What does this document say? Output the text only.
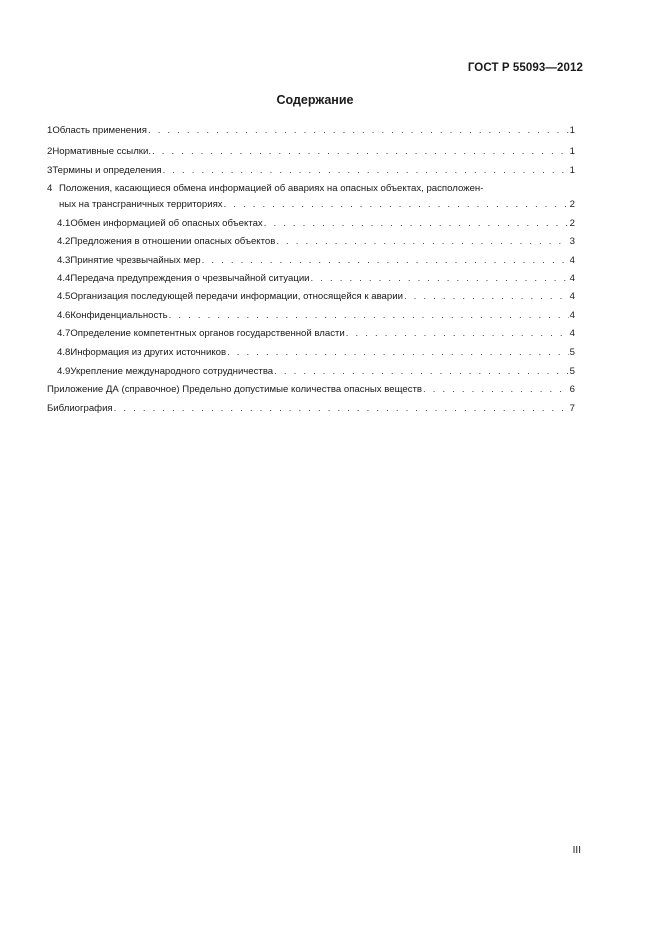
ГОСТ Р 55093—2012
Содержание
1 Область применения . . .	1
2 Нормативные ссылки. . . .	1
3 Термины и определения . . .	1
4 Положения, касающиеся обмена информацией об авариях на опасных объектах, расположен-
ных на трансграничных территориях . . .	2
4.1 Обмен информацией об опасных объектах . . .	2
4.2 Предложения в отношении опасных объектов . . .	3
4.3 Принятие чрезвычайных мер . . .	4
4.4 Передача предупреждения о чрезвычайной ситуации . . .	4
4.5 Организация последующей передачи информации, относящейся к аварии . . .	4
4.6 Конфиденциальность . . .	4
4.7 Определение компетентных органов государственной власти . . .	4
4.8 Информация из других источников . . .	5
4.9 Укрепление международного сотрудничества . . .	5
Приложение ДА (справочное) Предельно допустимые количества опасных веществ . . .	6
Библиография . . .	7
III
